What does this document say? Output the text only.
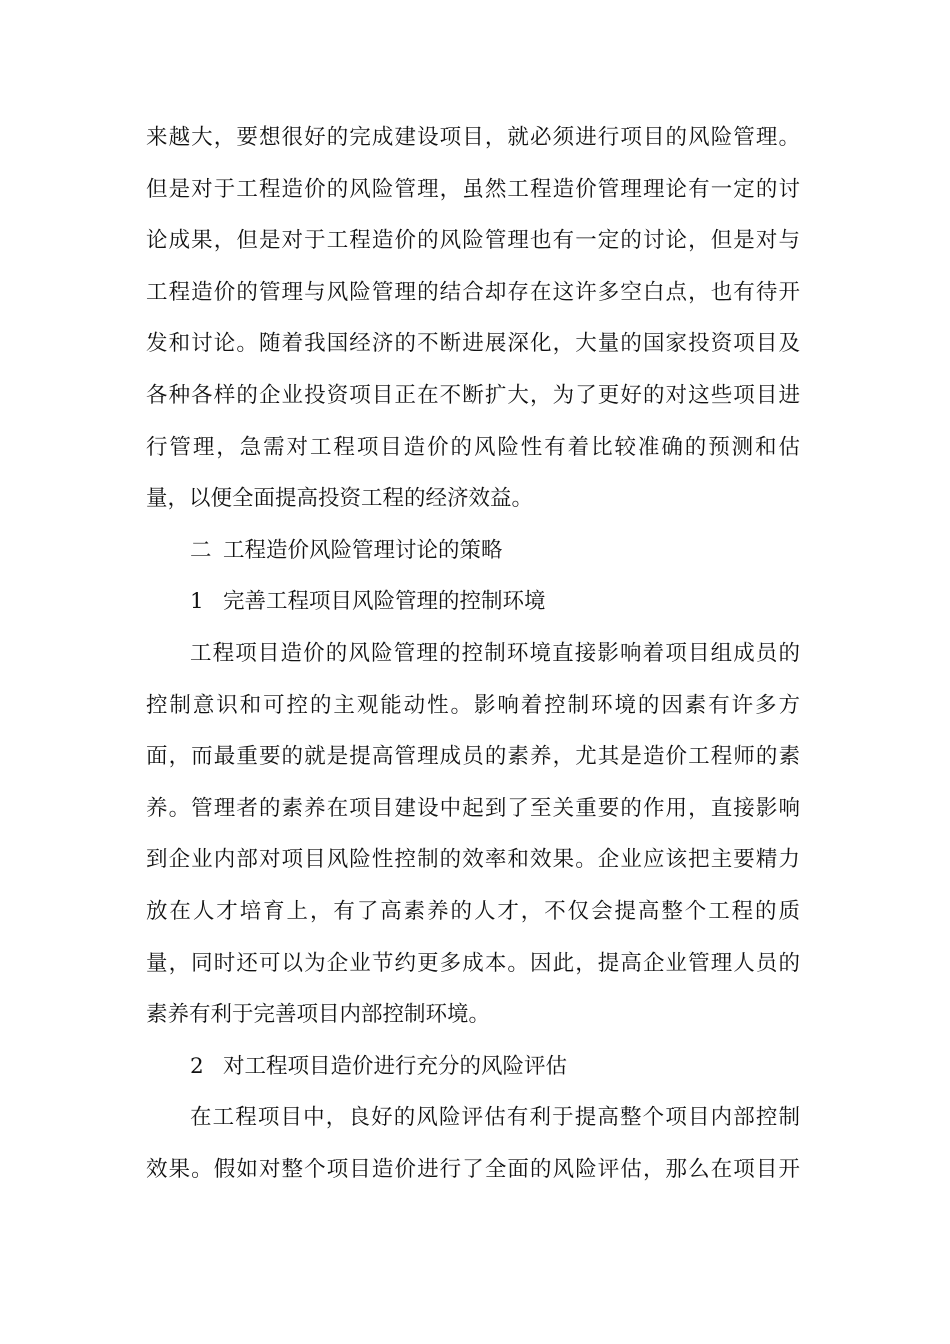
来越大，要想很好的完成建设项目，就必须进行项目的风险管理。
但是对于工程造价的风险管理，虽然工程造价管理理论有一定的讨
论成果，但是对于工程造价的风险管理也有一定的讨论，但是对与
工程造价的管理与风险管理的结合却存在这许多空白点，也有待开
发和讨论。随着我国经济的不断进展深化，大量的国家投资项目及
各种各样的企业投资项目正在不断扩大，为了更好的对这些项目进
行管理，急需对工程项目造价的风险性有着比较准确的预测和估
量，以便全面提高投资工程的经济效益。
二 工程造价风险管理讨论的策略
1 完善工程项目风险管理的控制环境
工程项目造价的风险管理的控制环境直接影响着项目组成员的
控制意识和可控的主观能动性。影响着控制环境的因素有许多方
面，而最重要的就是提高管理成员的素养，尤其是造价工程师的素
养。管理者的素养在项目建设中起到了至关重要的作用，直接影响
到企业内部对项目风险性控制的效率和效果。企业应该把主要精力
放在人才培育上，有了高素养的人才，不仅会提高整个工程的质
量，同时还可以为企业节约更多成本。因此，提高企业管理人员的
素养有利于完善项目内部控制环境。
2 对工程项目造价进行充分的风险评估
在工程项目中，良好的风险评估有利于提高整个项目内部控制
效果。假如对整个项目造价进行了全面的风险评估，那么在项目开
